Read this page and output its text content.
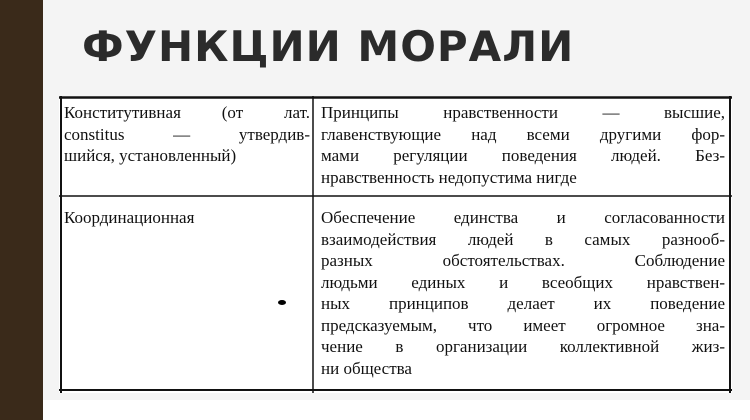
ФУНКЦИИ МОРАЛИ
Конститутивная (от лат.
constitus — утвердив-
шийся, установленный)
Принципы нравственности — высшие,
главенствующие над всеми другими фор-
мами регуляции поведения людей. Без-
нравственность недопустима нигде
Координационная	Обеспечение единства и согласованности
взаимодействия людей в самых разнооб-
разных обстоятельствах. Соблюдение
людьми единых и всеобщих нравствен-
ных принципов делает их поведение
предсказуемым, что имеет огромное зна-
чение в организации коллективной жиз-
ни общества
